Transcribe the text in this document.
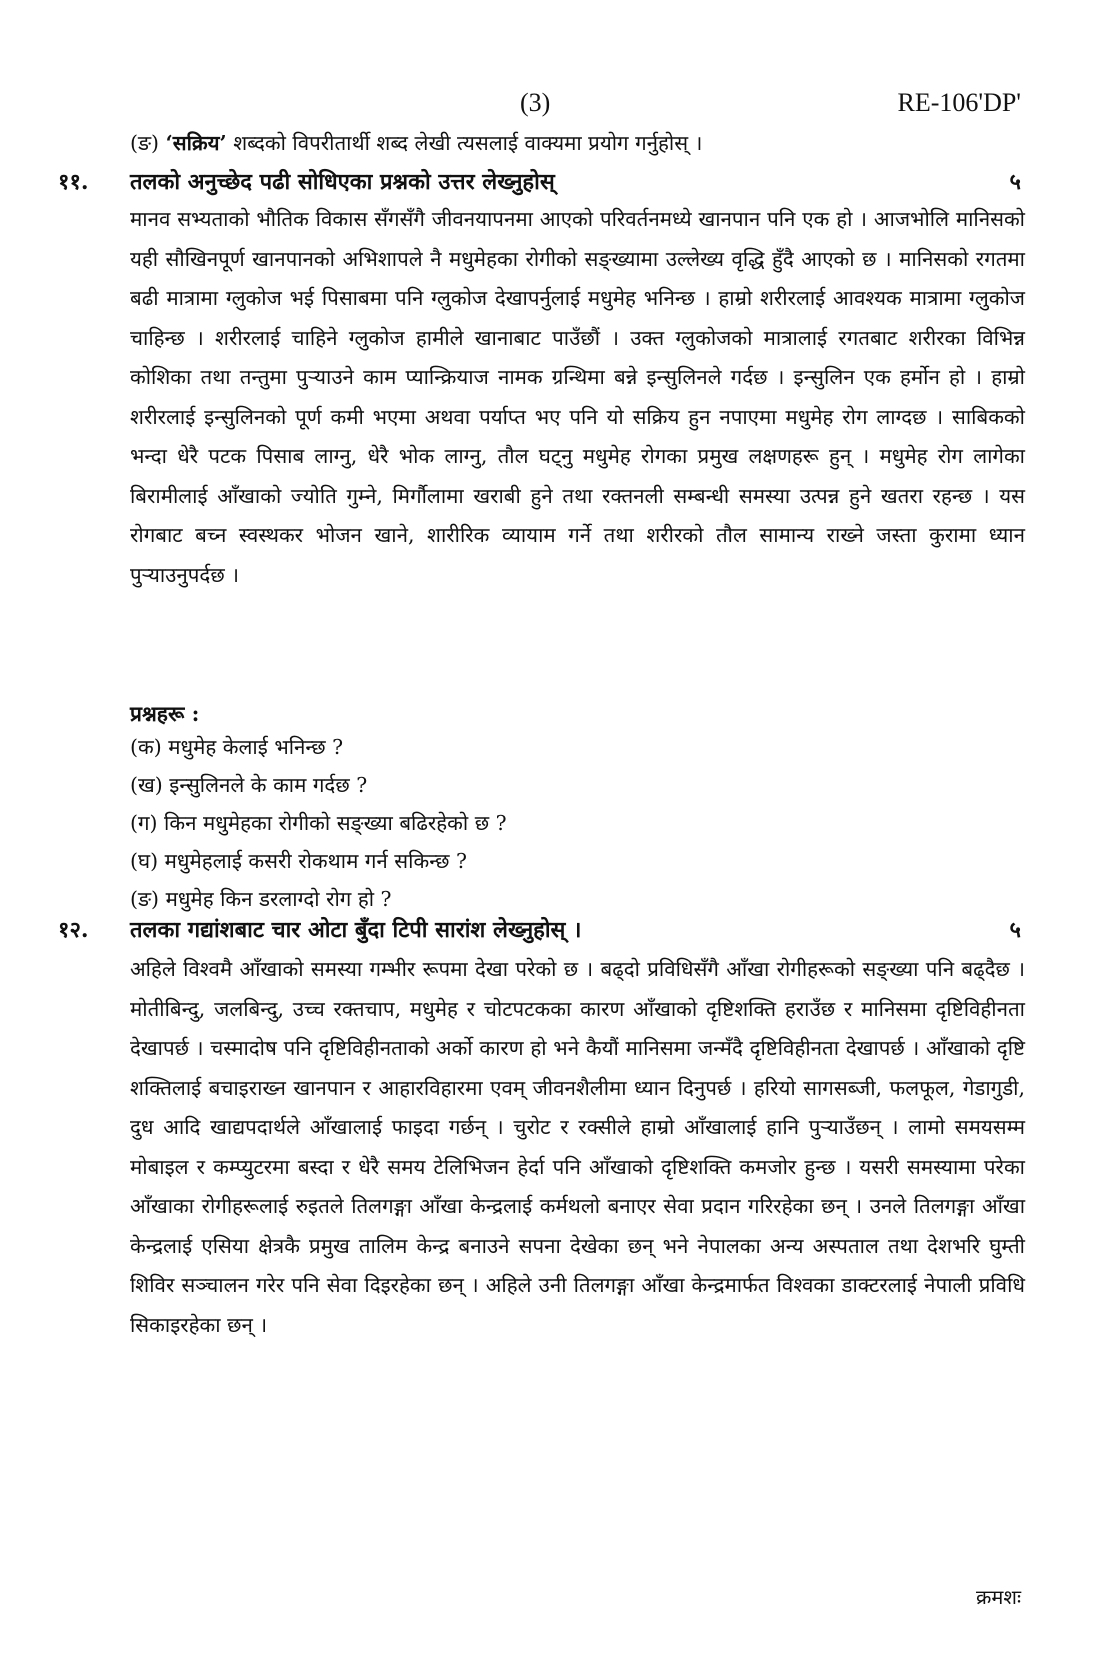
(3)	RE-106'DP'
(ङ) ‘सक्रिय’ शब्दको विपरीतार्थी शब्द लेखी त्यसलाई वाक्यमा प्रयोग गर्नुहोस् ।
११. तलको अनुच्छेद पढी सोधिएका प्रश्नको उत्तर लेख्नुहोस्	५
मानव सभ्यताको भौतिक विकास सँगसँगै जीवनयापनमा आएको परिवर्तनमध्ये खानपान पनि एक हो । आजभोलि मानिसको यही सौखिनपूर्ण खानपानको अभिशापले नै मधुमेहका रोगीको सङ्ख्यामा उल्लेख्य वृद्धि हुँदै आएको छ । मानिसको रगतमा बढी मात्रामा ग्लुकोज भई पिसाबमा पनि ग्लुकोज देखापर्नुलाई मधुमेह भनिन्छ । हाम्रो शरीरलाई आवश्यक मात्रामा ग्लुकोज चाहिन्छ । शरीरलाई चाहिने ग्लुकोज हामीले खानाबाट पाउँछौं । उक्त ग्लुकोजको मात्रालाई रगतबाट शरीरका विभिन्न कोशिका तथा तन्तुमा पुऱ्याउने काम प्यान्क्रियाज नामक ग्रन्थिमा बन्ने इन्सुलिनले गर्दछ । इन्सुलिन एक हर्मोन हो । हाम्रो शरीरलाई इन्सुलिनको पूर्ण कमी भएमा अथवा पर्याप्त भए पनि यो सक्रिय हुन नपाएमा मधुमेह रोग लाग्दछ । साबिकको भन्दा धेरै पटक पिसाब लाग्नु, धेरै भोक लाग्नु, तौल घट्नु मधुमेह रोगका प्रमुख लक्षणहरू हुन् । मधुमेह रोग लागेका बिरामीलाई आँखाको ज्योति गुम्ने, मिर्गौलामा खराबी हुने तथा रक्तनली सम्बन्धी समस्या उत्पन्न हुने खतरा रहन्छ । यस रोगबाट बच्न स्वस्थकर भोजन खाने, शारीरिक व्यायाम गर्ने तथा शरीरको तौल सामान्य राख्ने जस्ता कुरामा ध्यान पुऱ्याउनुपर्दछ ।
प्रश्नहरू :
(क) मधुमेह केलाई भनिन्छ ?
(ख) इन्सुलिनले के काम गर्दछ ?
(ग) किन मधुमेहका रोगीको सङ्ख्या बढिरहेको छ ?
(घ) मधुमेहलाई कसरी रोकथाम गर्न सकिन्छ ?
(ङ) मधुमेह किन डरलाग्दो रोग हो ?
१२. तलका गद्यांशबाट चार ओटा बुँदा टिपी सारांश लेख्नुहोस् ।	५
अहिले विश्वमै आँखाको समस्या गम्भीर रूपमा देखा परेको छ । बढ्दो प्रविधिसँगै आँखा रोगीहरूको सङ्ख्या पनि बढ्दैछ । मोतीबिन्दु, जलबिन्दु, उच्च रक्तचाप, मधुमेह र चोटपटकका कारण आँखाको दृष्टिशक्ति हराउँछ र मानिसमा दृष्टिविहीनता देखापर्छ । चस्मादोष पनि दृष्टिविहीनताको अर्को कारण हो भने कैयौं मानिसमा जन्मँदै दृष्टिविहीनता देखापर्छ । आँखाको दृष्टि शक्तिलाई बचाइराख्न खानपान र आहारविहारमा एवम् जीवनशैलीमा ध्यान दिनुपर्छ । हरियो सागसब्जी, फलफूल, गेडागुडी, दुध आदि खाद्यपदार्थले आँखालाई फाइदा गर्छन् । चुरोट र रक्सीले हाम्रो आँखालाई हानि पुऱ्याउँछन् । लामो समयसम्म मोबाइल र कम्प्युटरमा बस्दा र धेरै समय टेलिभिजन हेर्दा पनि आँखाको दृष्टिशक्ति कमजोर हुन्छ । यसरी समस्यामा परेका आँखाका रोगीहरूलाई रुइतले तिलगङ्गा आँखा केन्द्रलाई कर्मथलो बनाएर सेवा प्रदान गरिरहेका छन् । उनले तिलगङ्गा आँखा केन्द्रलाई एसिया क्षेत्रकै प्रमुख तालिम केन्द्र बनाउने सपना देखेका छन् भने नेपालका अन्य अस्पताल तथा देशभरि घुम्ती शिविर सञ्चालन गरेर पनि सेवा दिइरहेका छन् । अहिले उनी तिलगङ्गा आँखा केन्द्रमार्फत विश्वका डाक्टरलाई नेपाली प्रविधि सिकाइरहेका छन् ।
क्रमशः
